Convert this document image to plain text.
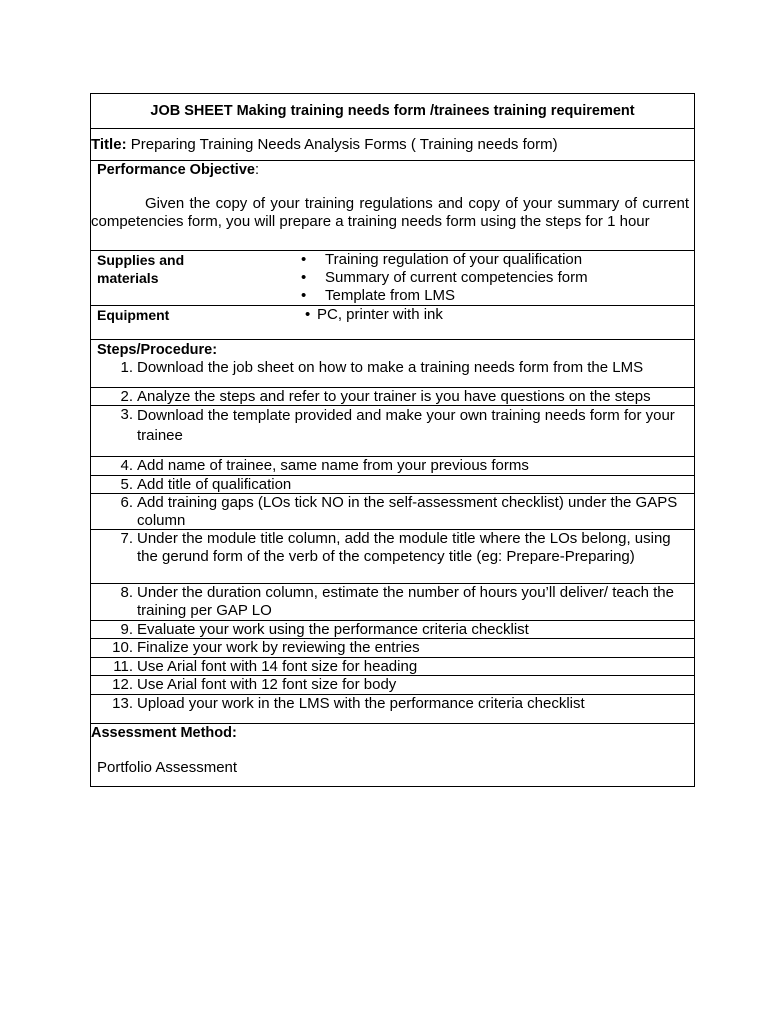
JOB SHEET Making training needs form /trainees training requirement
Title: Preparing Training Needs Analysis Forms ( Training needs form)
Performance Objective:
Given the copy of your training regulations and copy of your summary of current competencies form, you will prepare a training needs form using the steps for 1 hour
Supplies and materials
• Training regulation of your qualification
• Summary of current competencies form
• Template from LMS
Equipment
•	PC, printer with ink
Steps/Procedure:
1. Download the job sheet on how to make a training needs form from the LMS
2. Analyze the steps and refer to your trainer is you have questions on the steps
3. Download the template provided and make your own training needs form for your trainee
4. Add name of trainee, same name from your previous forms
5. Add title of qualification
6. Add training gaps (LOs tick NO in the self-assessment checklist) under the GAPS column
7. Under the module title column, add the module title where the LOs belong, using the gerund form of the verb of the competency title (eg: Prepare-Preparing)
8. Under the duration column, estimate the number of hours you’ll deliver/ teach the training per GAP LO
9. Evaluate your work using the performance criteria checklist
10. Finalize your work by reviewing the entries
11. Use Arial font with 14 font size for heading
12. Use Arial font with 12 font size for body
13. Upload your work in the LMS with the performance criteria checklist
Assessment Method:
Portfolio Assessment
